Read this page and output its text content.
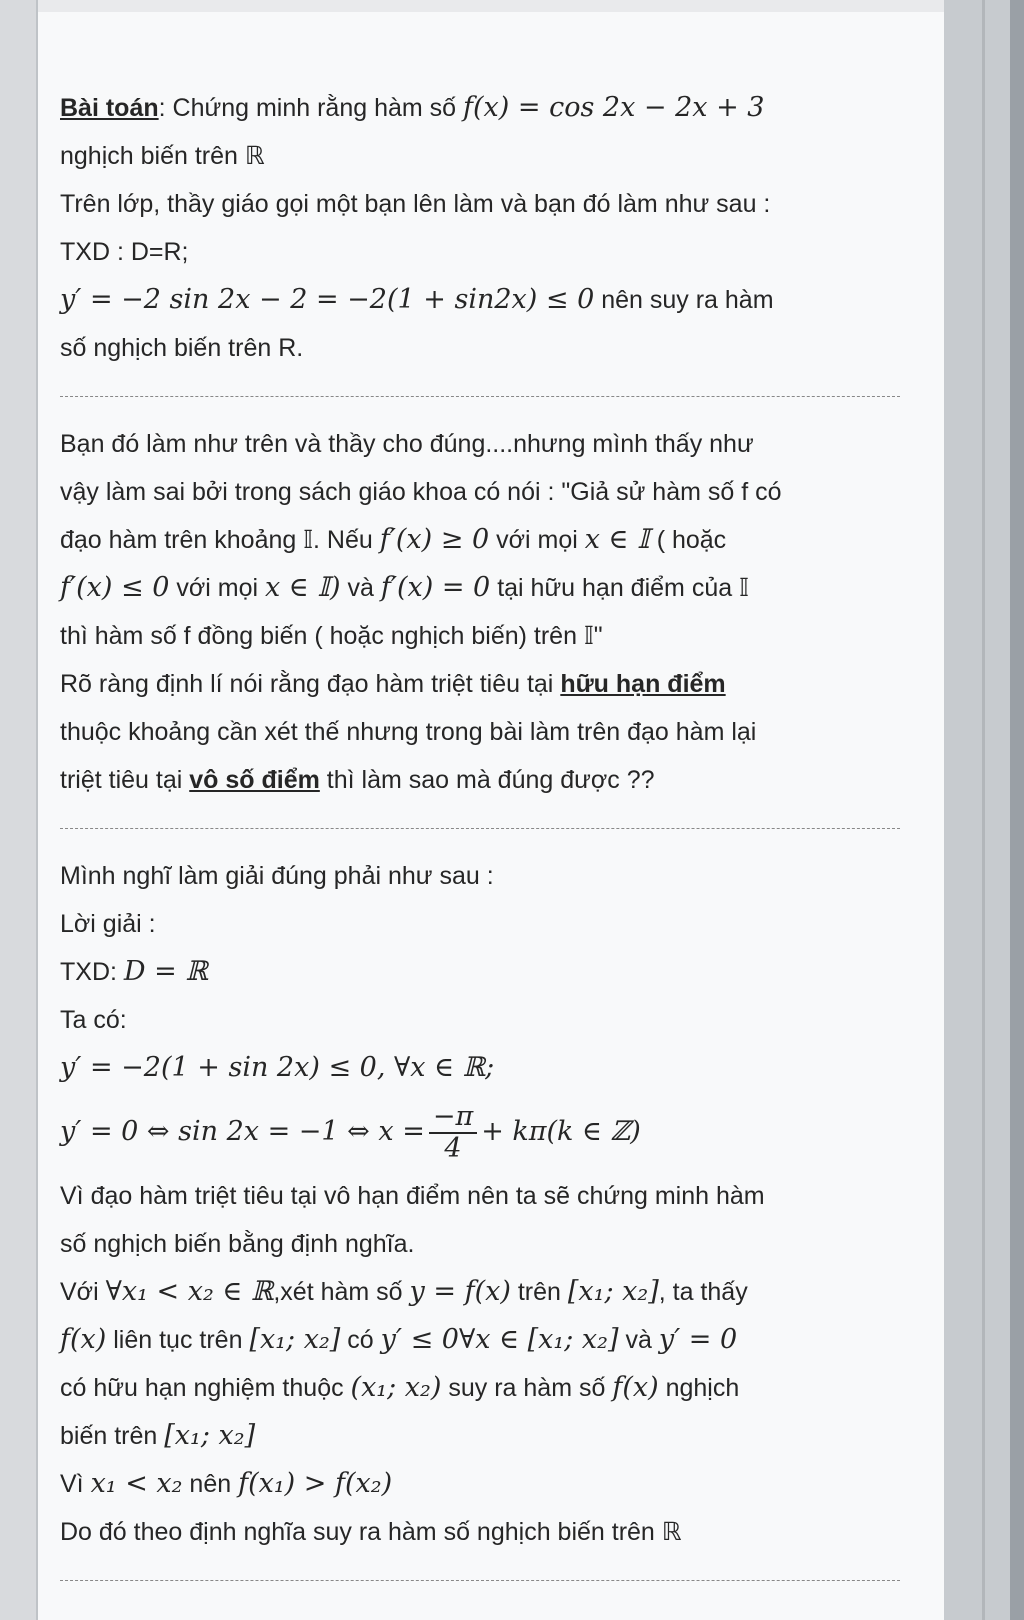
Bài toán: Chứng minh rằng hàm số f(x) = cos 2x − 2x + 3
nghịch biến trên ℝ
Trên lớp, thầy giáo gọi một bạn lên làm và bạn đó làm như sau :
TXD : D=R;
y′ = −2 sin 2x − 2 = −2(1 + sin2x) ≤ 0 nên suy ra hàm
số nghịch biến trên R.
Bạn đó làm như trên và thầy cho đúng....nhưng mình thấy như
vậy làm sai bởi trong sách giáo khoa có nói : "Giả sử hàm số f có
đạo hàm trên khoảng 𝕀. Nếu f′(x) ≥ 0 với mọi x ∈ 𝕀 ( hoặc
f′(x) ≤ 0 với mọi x ∈ 𝕀) và f′(x) = 0 tại hữu hạn điểm của 𝕀
thì hàm số f đồng biến ( hoặc nghịch biến) trên 𝕀"
Rõ ràng định lí nói rằng đạo hàm triệt tiêu tại hữu hạn điểm
thuộc khoảng cần xét thế nhưng trong bài làm trên đạo hàm lại
triệt tiêu tại vô số điểm thì làm sao mà đúng được ??
Mình nghĩ làm giải đúng phải như sau :
Lời giải :
TXD: D = ℝ
Ta có:
y′ = −2(1 + sin 2x) ≤ 0, ∀x ∈ ℝ;
y′ = 0 ⇔ sin 2x = −1 ⇔ $x = \frac{-\pi}{4} + k\pi(k$ ∈ ℤ)
Vì đạo hàm triệt tiêu tại vô hạn điểm nên ta sẽ chứng minh hàm
số nghịch biến bằng định nghĩa.
Với ∀x₁ < x₂ ∈ ℝ,xét hàm số y = f(x) trên [x₁; x₂], ta thấy
f(x) liên tục trên [x₁; x₂] có y′ ≤ 0∀x ∈ [x₁; x₂] và y′ = 0
có hữu hạn nghiệm thuộc (x₁; x₂) suy ra hàm số f(x) nghịch
biến trên [x₁; x₂]
Vì x₁ < x₂ nên f(x₁) > f(x₂)
Do đó theo định nghĩa suy ra hàm số nghịch biến trên ℝ
